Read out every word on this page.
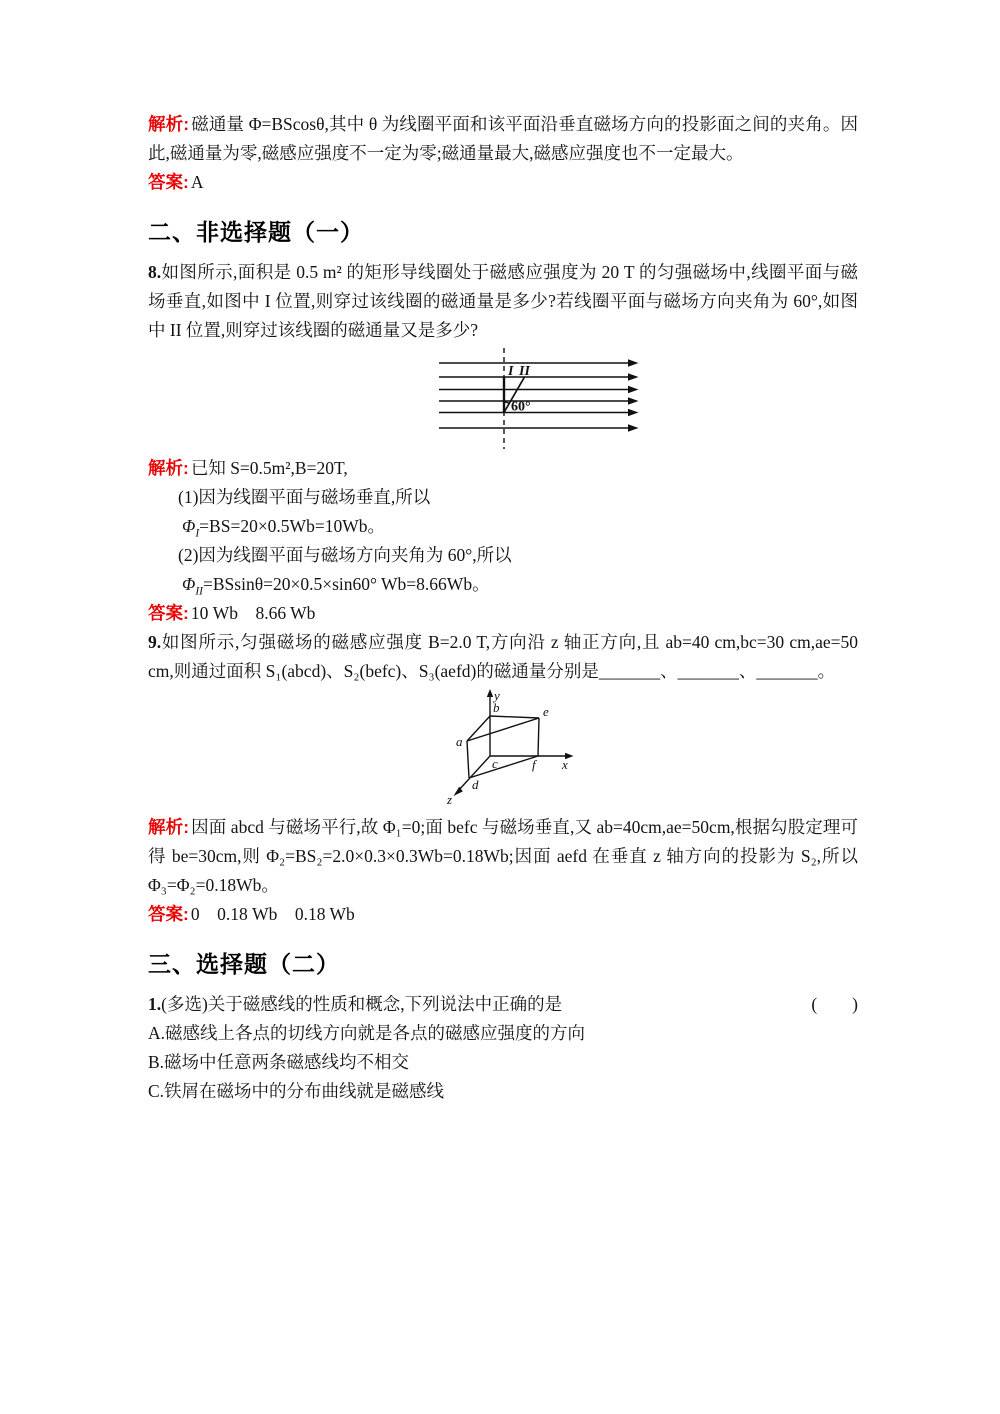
解析: 磁通量 Φ=BScosθ,其中 θ 为线圈平面和该平面沿垂直磁场方向的投影面之间的夹角。因此,磁通量为零,磁感应强度不一定为零;磁通量最大,磁感应强度也不一定最大。

答案: A

二、非选择题（一）

8.如图所示,面积是 0.5 m² 的矩形导线圈处于磁感应强度为 20 T 的匀强磁场中,线圈平面与磁场垂直,如图中 I 位置,则穿过该线圈的磁通量是多少?若线圈平面与磁场方向夹角为 60°,如图中 II 位置,则穿过该线圈的磁通量又是多少?

I II
60°

解析: 已知 S=0.5m²,B=20T,

(1)因为线圈平面与磁场垂直,所以

$\Phi_I=BS=20\times 0.5Wb=10Wb$。

(2)因为线圈平面与磁场方向夹角为 60°,所以

$\Phi_{II}=BSsin\theta=20\times 0.5\times\sin 60^\circ$ Wb=8.66Wb。

答案: 10 Wb　8.66 Wb

9.如图所示,匀强磁场的磁感应强度 B=2.0 T,方向沿 z 轴正方向,且 ab=40 cm,bc=30 cm,ae=50 cm,则通过面积 S₁(abcd)、S₂(befc)、S₃(aefd)的磁通量分别是_______、_______、_______。

a
b
c
d
e
f x
y
z

解析: 因面 abcd 与磁场平行,故 Φ₁=0;面 befc 与磁场垂直,又 ab=40cm,ae=50cm,根据勾股定理可得 be=30cm,则 Φ₂=BS₂=2.0×0.3×0.3Wb=0.18Wb;因面 aefd 在垂直 z 轴方向的投影为 S₂,所以 Φ₃=Φ₂=0.18Wb。

答案: 0　0.18 Wb　0.18 Wb

三、选择题（二）

1.(多选)关于磁感线的性质和概念,下列说法中正确的是	(　　)

A.磁感线上各点的切线方向就是各点的磁感应强度的方向

B.磁场中任意两条磁感线均不相交

C.铁屑在磁场中的分布曲线就是磁感线
